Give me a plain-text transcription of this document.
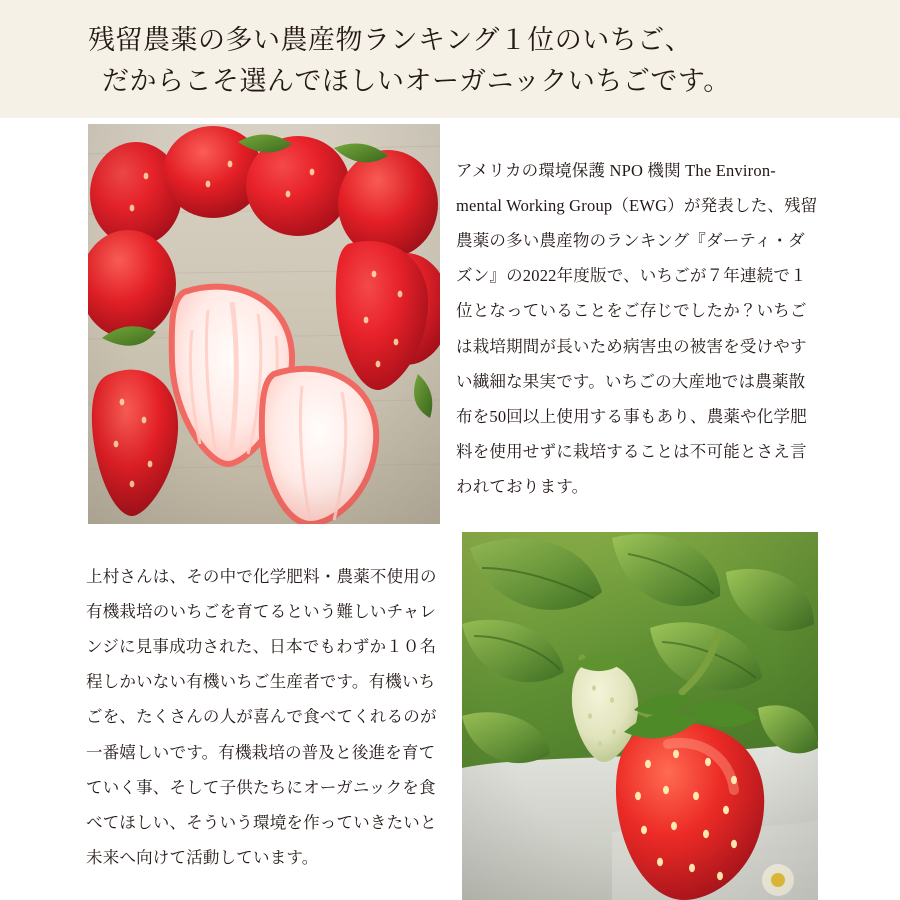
残留農薬の多い農産物ランキング１位のいちご、
だからこそ選んでほしいオーガニックいちごです。

アメリカの環境保護 NPO 機関 The Environ-mental Working Group（EWG）が発表した、残留農薬の多い農産物のランキング『ダーティ・ダズン』の2022年度版で、いちごが７年連続で１位となっていることをご存じでしたか？いちごは栽培期間が長いため病害虫の被害を受けやすい繊細な果実です。いちごの大産地では農薬散布を50回以上使用する事もあり、農薬や化学肥料を使用せずに栽培することは不可能とさえ言われております。

上村さんは、その中で化学肥料・農薬不使用の有機栽培のいちごを育てるという難しいチャレンジに見事成功された、日本でもわずか１０名程しかいない有機いちご生産者です。有機いちごを、たくさんの人が喜んで食べてくれるのが一番嬉しいです。有機栽培の普及と後進を育てていく事、そして子供たちにオーガニックを食べてほしい、そういう環境を作っていきたいと未来へ向けて活動しています。
